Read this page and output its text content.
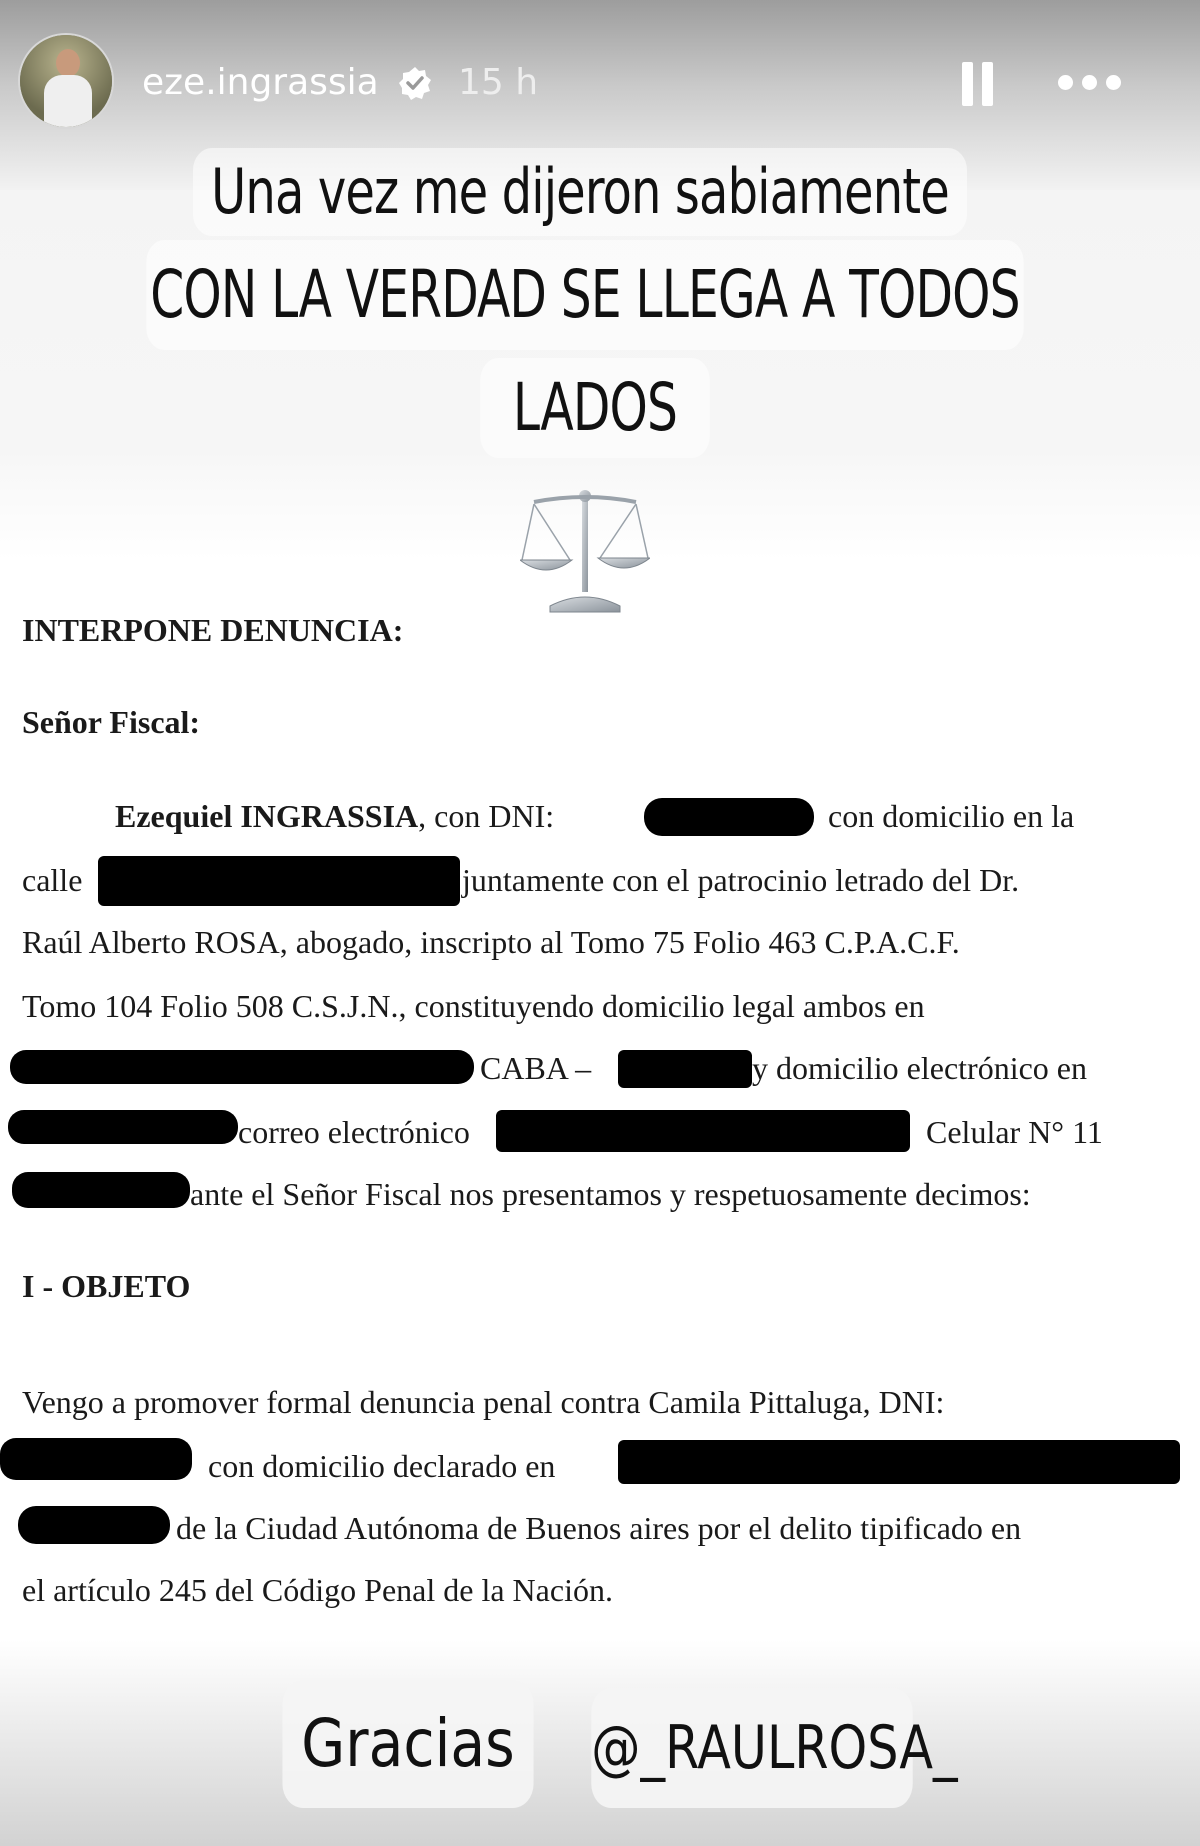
eze.ingrassia 15 h
Una vez me dijeron sabiamente
CON LA VERDAD SE LLEGA A TODOS
LADOS
INTERPONE DENUNCIA:
Señor Fiscal:
Ezequiel INGRASSIA, con DNI:	con domicilio en la
calle	juntamente con el patrocinio letrado del Dr.
Raúl Alberto ROSA, abogado, inscripto al Tomo 75 Folio 463 C.P.A.C.F.
Tomo 104 Folio 508 C.S.J.N., constituyendo domicilio legal ambos en
CABA –	y domicilio electrónico en
correo electrónico	Celular N° 11
ante el Señor Fiscal nos presentamos y respetuosamente decimos:
I - OBJETO
Vengo a promover formal denuncia penal contra Camila Pittaluga, DNI:
con domicilio declarado en
de la Ciudad Autónoma de Buenos aires por el delito tipificado en
el artículo 245 del Código Penal de la Nación.
Gracias	@_RAULROSA_
